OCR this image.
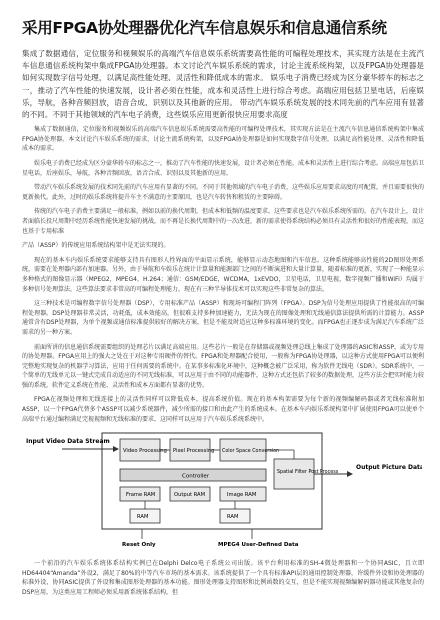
采用FPGA协处理器优化汽车信息娱乐和信息通信系统

集成了数据通信，定位服务和视频娱乐的高端汽车信息娱乐系统需要高性能的可编程处理技术，其实现方法是在主流汽车信息通信系统构架中集成FPGA协处理器。本文讨论汽车娱乐系统的需求，讨论主流系统构架，以及FPGA协处理器是如何实现数字信号处理，以满足高性能处理、灵活性和降低成本的需求。 娱乐电子消费已经成为区分豪华轿车的标志之一，推动了汽车性能的快速发展，设计者必须在性能，成本和灵活性上进行综合考虑。高端应用包括卫星电话，后座娱乐，导航，各种音频回放，语音合成、识别以及其他新的应用。 带动汽车娱乐系统发展的技术同先前的汽车应用有显著的不同。不同于其他领域的汽车电子消费，这些娱乐应用更新很快应用要求高度

集成了数据通信，定位服务和视频娱乐的高端汽车信息娱乐系统需要高性能的可编程处理技术，其实现方法是在主流汽车信息通信系统构架中集成FPGA协处理器。本文讨论汽车娱乐系统的需求，讨论主流系统构架，以及FPGA协处理器是如何实现数字信号处理，以满足高性能处理、灵活性和降低成本的需求。

娱乐电子消费已经成为区分豪华轿车的标志之一，推动了汽车性能的快速发展，设计者必须在性能，成本和灵活性上进行综合考虑。高端应用包括卫星电话，后座娱乐，导航，各种音频回放，语音合成、识别以及其他新的应用。

带动汽车娱乐系统发展的技术同先前的汽车应用有显著的不同。不同于其他领域的汽车电子消费，这些娱乐应用要求高度的可配置，并且需要很快的更新换代。此外，过时的娱乐系统将提升车主不满意的主要原因，也是汽车转售和租赁的主要障碍。

传统的汽车电子消费主要满足一般标准，例如以前的换代周期，但成本和低频的温度要求。这些要求也是汽车娱乐系统所需的。在汽车设计上，设计者面临长投尺周期中经历系统性能快速发展的挑战，而不再是长换代周期中的一次改进，新的需求使得系统结构必须具有灵活性和很好的性能表现，而这也基于专用标准

产品（ASSP）的传统应用系统结构架中是无法实现的。

现在的基本车内娱乐系统要求能够支持具有图形人性界面的平面显示系统，能够显示动态地图和汽车信息。这种系统能够高性能的2D图形处理系统，需要在处理器内部有加速器。另外，由于导航和车娱乐在统计计算量和能源部门之间的不断演进和大量计算量，随着标准的更新，实现了一种能显示多种格式的图像显示器（MPEG2，MPEG4，H.264；通信：GSM/EDGE，WCDMA，1xEVDO，卫星电话，卫星电视，数字视频广播和WiFi）均属于多种信号处理算法，这些算法要求非常高的可编程处理能力，现在有三种半导体技术可以实现这些非常复杂的算法。

这三种技术是可编程数字信号处理器（DSP），专用标准产品（ASSP）和现场可编程门阵列（FPGA）。DSP为信号处理应用提供了性能很高的可编程处理器。DSP处理器非常灵活，功耗低，成本效能高，但很难支持多种加速能力，无法为现在的图像处理和无线通信算法提供所需的计算能力。ASSP通常含有DSP处理器，为单个视频或通信标准提供较好的解决方案，但是不能及时适应这种多标准环境的变化。而FPGA也正逐步成为满足汽车系统广泛需求的另一种方案。

前面所讲的信息通信系统需要组织的处理芯片以满足高端应用。这些芯片一般是在存储器或视频处理总线上集成了处理器的ASIC和ASSP，或为专用的协处理器。FPGA应用上的强大之处在于对这种专用硬件的替代。FPGA和处理器配合使用，一般称为FPGA协处理器，以这种方式使用FPGA可以便利完整地实现复杂的机器学习算法，应用于任何需要的系统中。在某事多标准化环境中，这种概念被广泛采用，称为软件无线电（SDR）。SDR系统中，一个简单的无线单元以一键式完成自动适应的不同无线标准，可以应用于由不同的功能器件，这种方式还包括了较多的数据处理，这些方法会把实时能力较强的系统，软件定义系统在性能、灵活性和成本方面都有显著的优势。

FPGA在视频处理和无线连接上的灵活性同样可以降低成本，提高系统价值。现在的基本构架需要为每个新的视频编解码器或者无线标准附加ASSP，以一个FPGA代替多个ASSP可以减少系统器件，减少所需的接口和由此产生的系统成本。在基本车内娱乐系统构架中扩展使用FPGA可以使单个高端平台通过编程满足完视视频和无线标准的要求，这同样可以应用于汽车娱乐系统系统中。

Input Video Data Stream
Video Processing Pixel Processing Color Space Conversion
Controller
Frame RAM	Output RAM	Image RAM
Spatial Filter Post Process
RAM	RAM
Output Picture Data
Reset Only	MPEG4 User-Defined Data

一个前沿的汽车娱乐系统体系结构实例已在Delphi Delco电子系统公司出版。该平台利用标准的SH-4微处理器和一个协同ASIC，且立即HD64404“Amanda”外设2，满足了80%的中等汽车市场的基本需求。该系统提供了一个具有标准API层的通用控制处理器，许缓件外设和协处理器的标准外设，协同ASIC提供了外设和集成图形处理器的基本功能。图形处理器支持图形和比例函数的交互，但是不能实现视频编解码器功能或其他复杂的DSP应用，为这类应用工程师必须采用新系统体系结构，但
